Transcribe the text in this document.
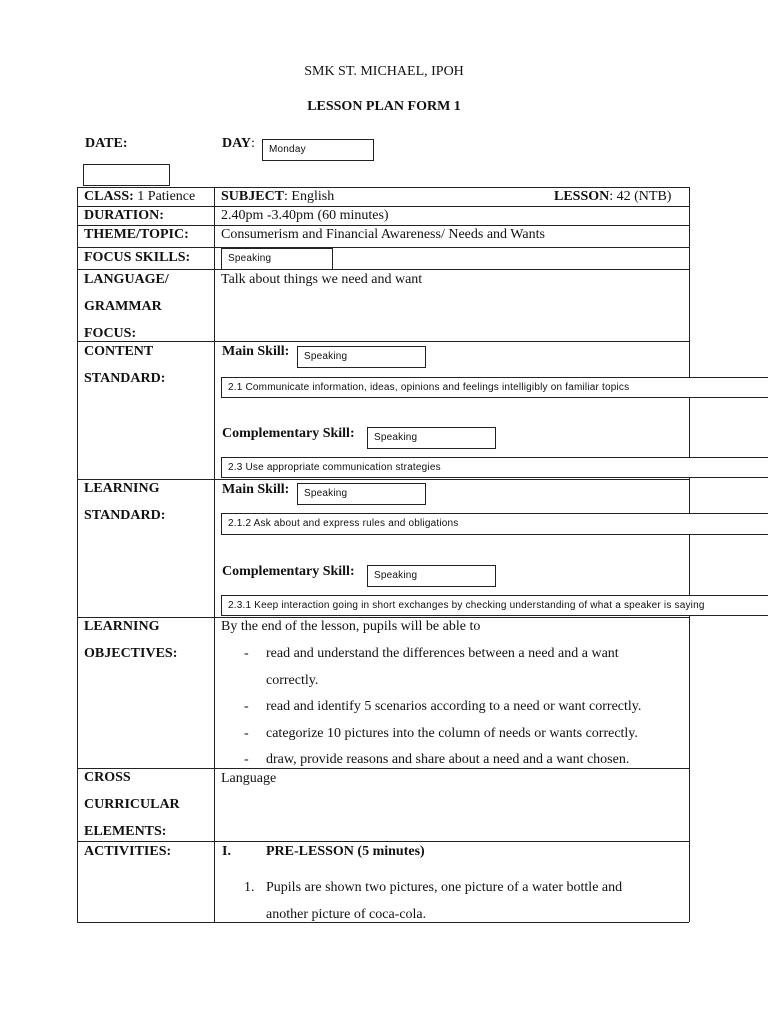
SMK ST. MICHAEL, IPOH
LESSON PLAN FORM 1
DATE:	DAY:	Monday
CLASS: 1 Patience SUBJECT: English	LESSON: 42 (NTB)
DURATION:	2.40pm -3.40pm (60 minutes)
THEME/TOPIC: Consumerism and Financial Awareness/ Needs and Wants
FOCUS SKILLS:	Speaking
LANGUAGE/
GRAMMAR
FOCUS:
Talk about things we need and want
CONTENT
STANDARD:
Main Skill:	Speaking
2.1 Communicate information, ideas, opinions and feelings intelligibly on familiar topics
Complementary Skill:	Speaking
2.3 Use appropriate communication strategies
LEARNING
STANDARD:
Main Skill:	Speaking
2.1.2 Ask about and express rules and obligations
Complementary Skill:	Speaking
2.3.1 Keep interaction going in short exchanges by checking understanding of what a speaker is saying
LEARNING
OBJECTIVES:
By the end of the lesson, pupils will be able to
- read and understand the differences between a need and a want
correctly.
- read and identify 5 scenarios according to a need or want correctly.
- categorize 10 pictures into the column of needs or wants correctly.
- draw, provide reasons and share about a need and a want chosen.
CROSS
CURRICULAR
ELEMENTS:
Language
ACTIVITIES:	I.	PRE-LESSON (5 minutes)
1. Pupils are shown two pictures, one picture of a water bottle and
another picture of coca-cola.
